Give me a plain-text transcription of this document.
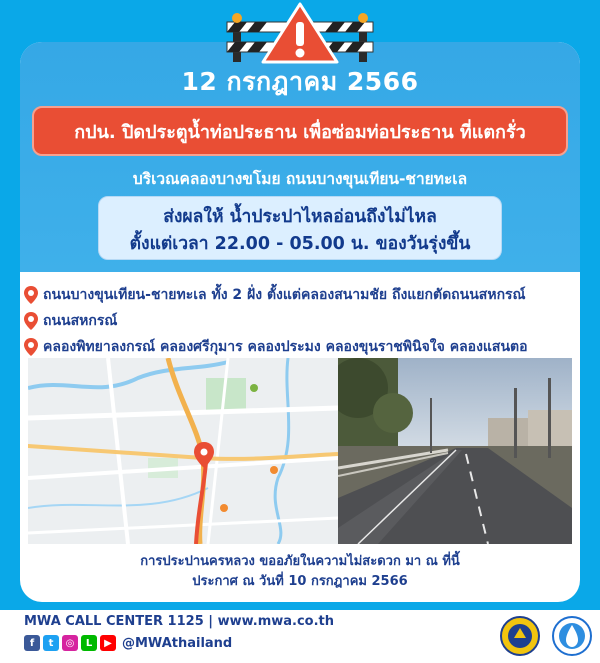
12 กรกฎาคม 2566
กปน. ปิดประตูน้ำท่อประธาน เพื่อซ่อมท่อประธาน ที่แตกรั่ว
บริเวณคลองบางขโมย ถนนบางขุนเทียน-ชายทะเล
ส่งผลให้ น้ำประปาไหลอ่อนถึงไม่ไหล
ตั้งแต่เวลา 22.00 - 05.00 น. ของวันรุ่งขึ้น
ถนนบางขุนเทียน-ชายทะเล ทั้ง 2 ฝั่ง ตั้งแต่คลองสนามชัย ถึงแยกตัดถนนสหกรณ์
ถนนสหกรณ์
คลองพิทยาลงกรณ์ คลองศรีกุมาร คลองประมง คลองขุนราชพินิจใจ คลองแสนตอ
การประปานครหลวง ขออภัยในความไม่สะดวก มา ณ ที่นี้
ประกาศ ณ วันที่ 10 กรกฎาคม 2566
MWA CALL CENTER 1125 | www.mwa.co.th
f	t	◎	L	▶ @MWAthailand
